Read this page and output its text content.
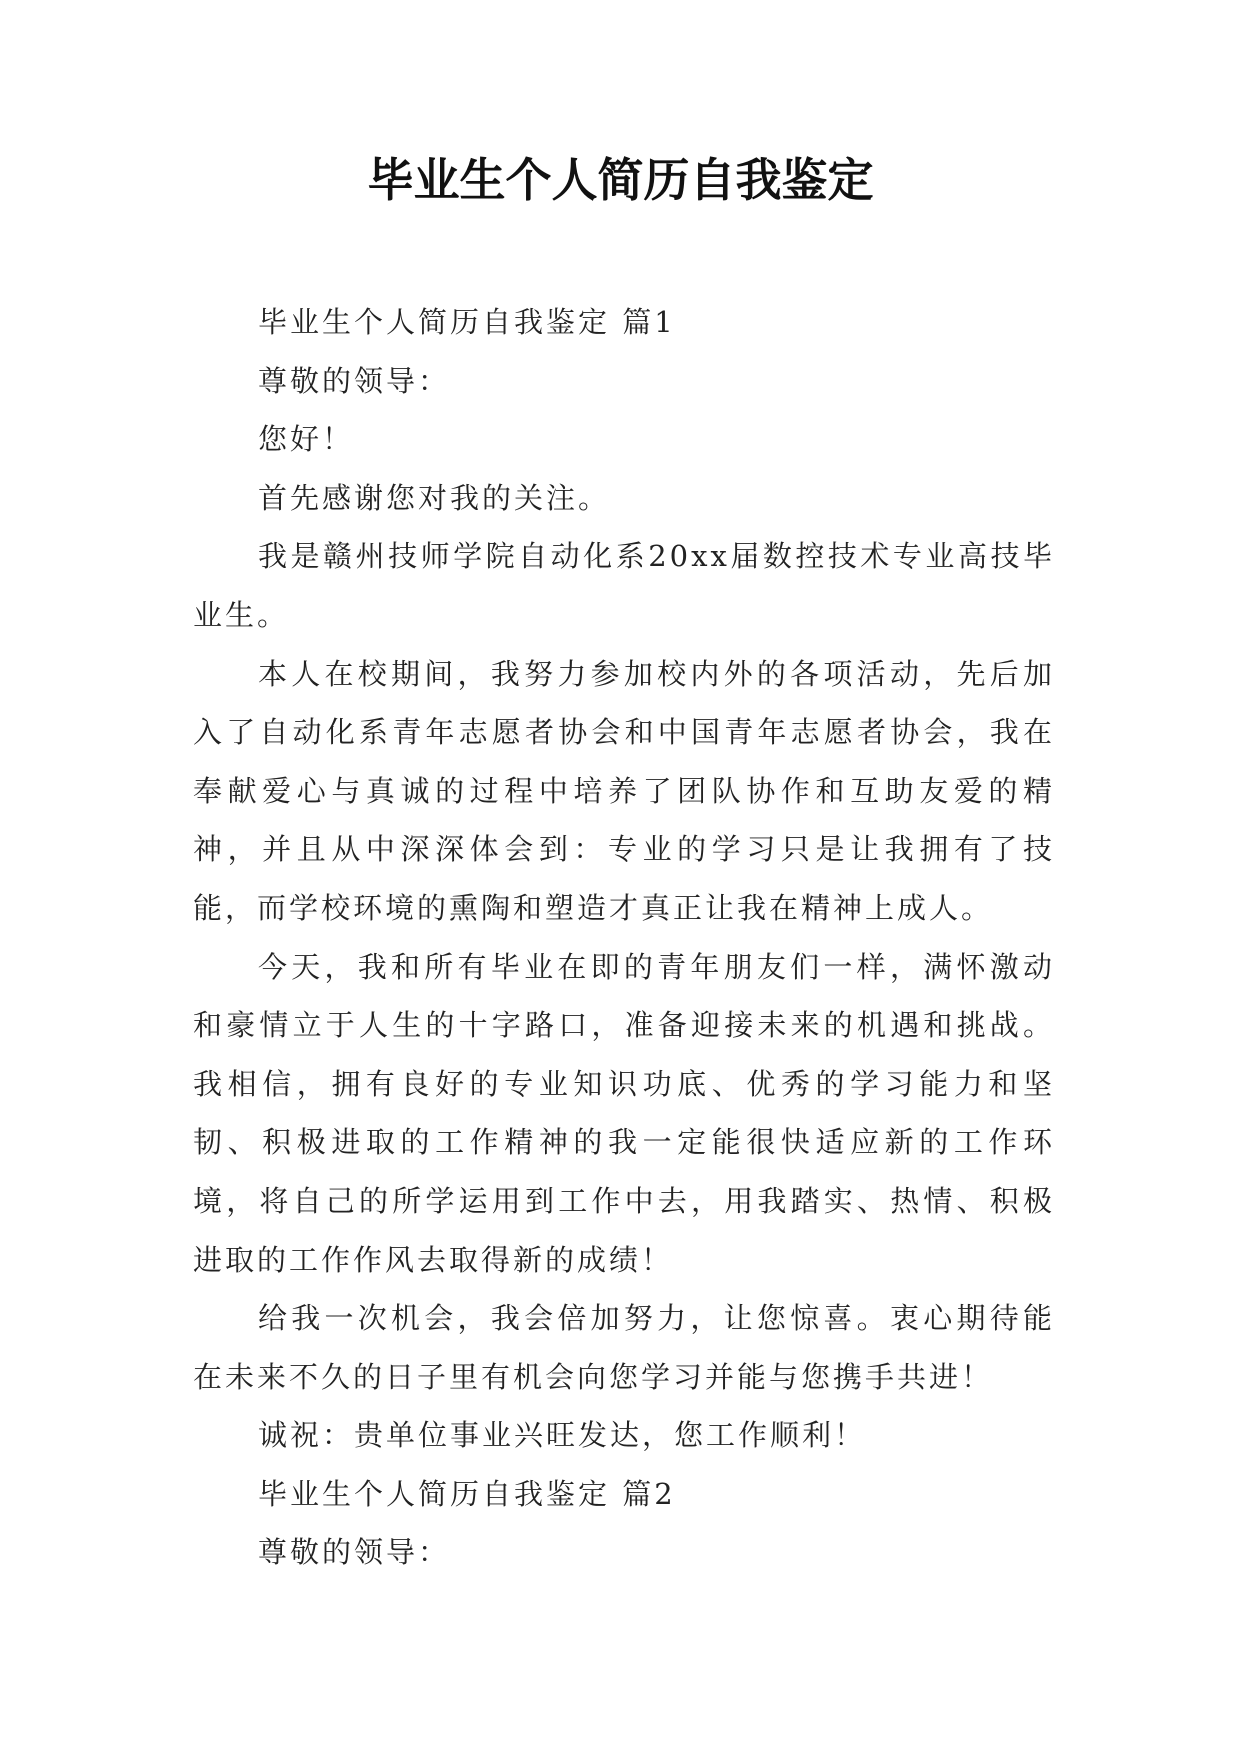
毕业生个人简历自我鉴定

毕业生个人简历自我鉴定 篇1

尊敬的领导：

您好！

首先感谢您对我的关注。

我是赣州技师学院自动化系20xx届数控技术专业高技毕业生。

本人在校期间，我努力参加校内外的各项活动，先后加入了自动化系青年志愿者协会和中国青年志愿者协会，我在奉献爱心与真诚的过程中培养了团队协作和互助友爱的精神，并且从中深深体会到：专业的学习只是让我拥有了技能，而学校环境的熏陶和塑造才真正让我在精神上成人。

今天，我和所有毕业在即的青年朋友们一样，满怀激动和豪情立于人生的十字路口，准备迎接未来的机遇和挑战。我相信，拥有良好的专业知识功底、优秀的学习能力和坚韧、积极进取的工作精神的我一定能很快适应新的工作环境，将自己的所学运用到工作中去，用我踏实、热情、积极进取的工作作风去取得新的成绩！

给我一次机会，我会倍加努力，让您惊喜。衷心期待能在未来不久的日子里有机会向您学习并能与您携手共进！

诚祝：贵单位事业兴旺发达，您工作顺利！

毕业生个人简历自我鉴定 篇2

尊敬的领导：
